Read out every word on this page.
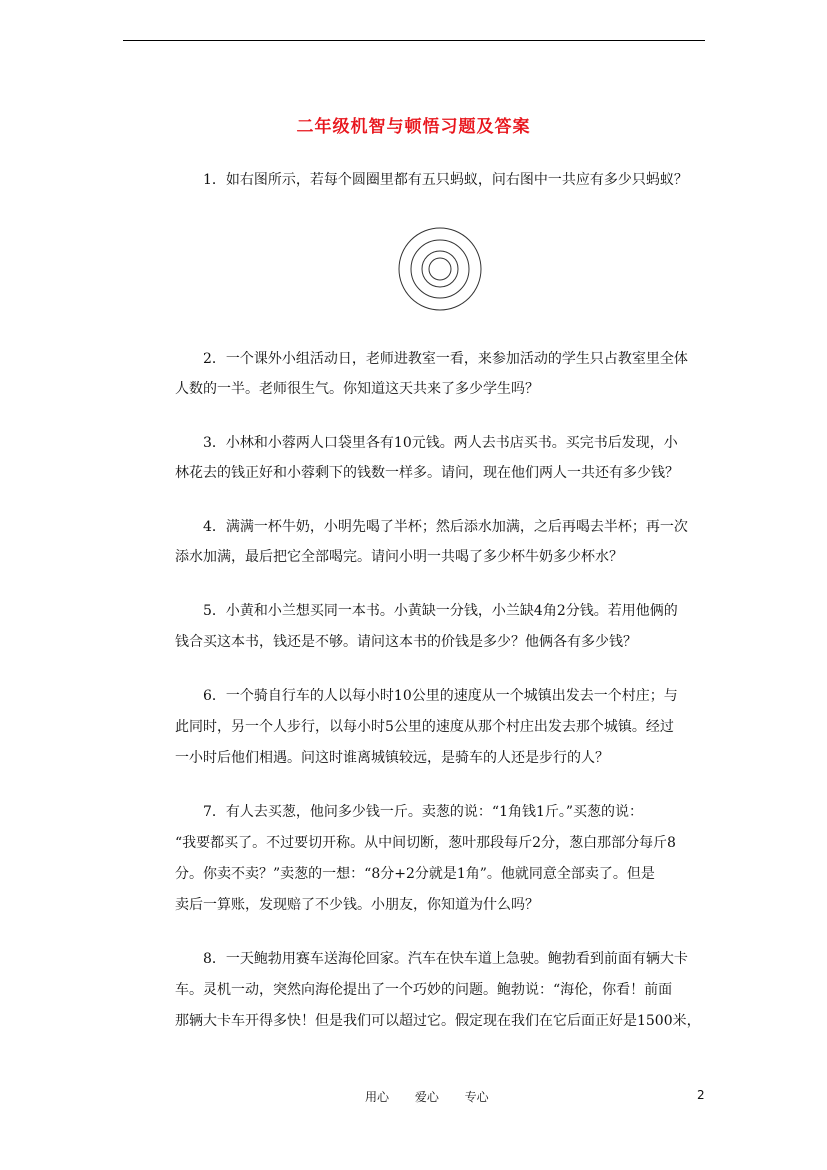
二年级机智与顿悟习题及答案
1．如右图所示，若每个圆圈里都有五只蚂蚁，问右图中一共应有多少只蚂蚁？
2．一个课外小组活动日，老师进教室一看，来参加活动的学生只占教室里全体
人数的一半。老师很生气。你知道这天共来了多少学生吗？
3．小林和小蓉两人口袋里各有10元钱。两人去书店买书。买完书后发现，小
林花去的钱正好和小蓉剩下的钱数一样多。请问，现在他们两人一共还有多少钱？
4．满满一杯牛奶，小明先喝了半杯；然后添水加满，之后再喝去半杯；再一次
添水加满，最后把它全部喝完。请问小明一共喝了多少杯牛奶多少杯水？
5．小黄和小兰想买同一本书。小黄缺一分钱，小兰缺4角2分钱。若用他俩的
钱合买这本书，钱还是不够。请问这本书的价钱是多少？他俩各有多少钱？
6．一个骑自行车的人以每小时10公里的速度从一个城镇出发去一个村庄；与
此同时，另一个人步行，以每小时5公里的速度从那个村庄出发去那个城镇。经过
一小时后他们相遇。问这时谁离城镇较远，是骑车的人还是步行的人？
7．有人去买葱，他问多少钱一斤。卖葱的说：“1角钱1斤。”买葱的说：
“我要都买了。不过要切开称。从中间切断，葱叶那段每斤2分，葱白那部分每斤8
分。你卖不卖？”卖葱的一想：“8分+2分就是1角”。他就同意全部卖了。但是
卖后一算账，发现赔了不少钱。小朋友，你知道为什么吗？
8．一天鲍勃用赛车送海伦回家。汽车在快车道上急驶。鲍勃看到前面有辆大卡
车。灵机一动，突然向海伦提出了一个巧妙的问题。鲍勃说：“海伦，你看！前面
那辆大卡车开得多快！但是我们可以超过它。假定现在我们在它后面正好是1500米，
用心 爱心 专心	2
